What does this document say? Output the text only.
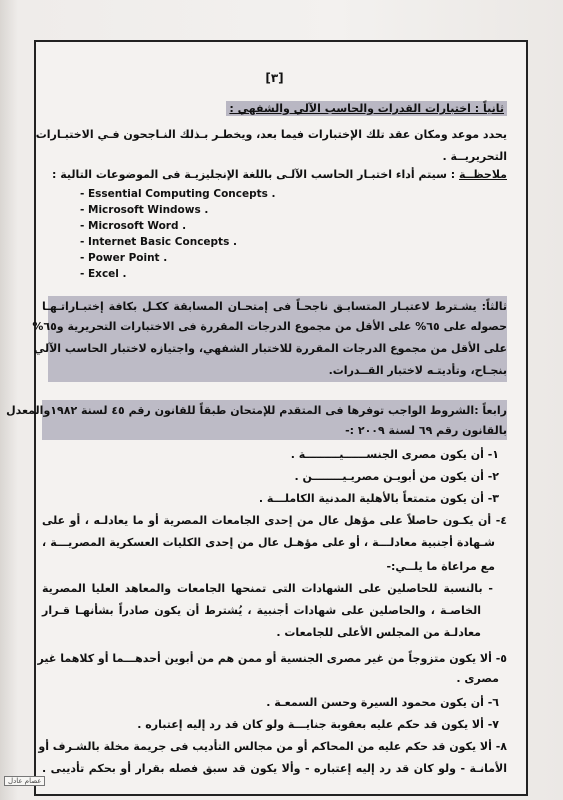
[٣]
ثانياً : اختبارات القدرات والحاسب الآلي والشفهي :
يحدد موعد ومكان عقد تلك الإختبارات فيما بعد، ويخطـر بـذلك النـاجحون فـي الاختبـارات
التحريريــة .
ملاحظــة : سيتم أداء اختبـار الحاسب الآلـى باللغة الإنجليزيـة فى الموضوعات التالية :
- Essential Computing Concepts .
- Microsoft Windows .
- Microsoft Word .
- Internet Basic Concepts .
- Power Point .
- Excel .
ثالثاً: يشـترط لاعتبـار المتسابـق ناجحـاً فى إمتحـان المسابقة ككـل بكافة إختبـاراتـهـا
حصوله على ٦٥% على الأقل من مجموع الدرجات المقررة فى الاختبارات التحريرية و٦٥%
على الأقل من مجموع الدرجات المقررة للاختبار الشفهي، واجتيازه لاختبار الحاسب الآلي
بنجـاح، وتأديتـه لاختبار القــدرات.
رابعاً :الشروط الواجب توفرها فى المتقدم للإمتحان طبقاً للقانون رقم ٤٥ لسنة ١٩٨٢والمعدل
بالقانون رقم ٦٩ لسنة ٢٠٠٩ :-
١- أن يكون مصرى الجنســــــيـــــــــة .
٢- أن يكون من أبويـن مصريـيــــــــن .
٣- أن يكون متمتعاً بالأهلية المدنية الكاملـــة .
٤- أن يكـون حاصلاً على مؤهل عال من إحدى الجامعات المصرية أو ما يعادلـه ، أو على
شـهادة أجنبية معادلـــة ، أو على مؤهـل عال من إحدى الكليات العسكرية المصريـــة ،
مع مراعاة ما يلــي:-
- بالنسبة للحاصلين على الشهادات التى تمنحها الجامعات والمعاهد العليا المصرية
الخاصـة ، والحاصلين على شهادات أجنبية ، يُشترط أن يكون صادراً بشأنهـا قـرار
معادلـة من المجلس الأعلى للجامعات .
٥- ألا يكون متزوجاً من غير مصرى الجنسية أو ممن هم من أبوين أحدهـــما أو كلاهما غير
مصرى .
٦- أن يكون محمود السيرة وحسن السمعـة .
٧- ألا يكون قد حكم عليه بعقوبة جنايـــة ولو كان قد رد إليه إعتباره .
٨- ألا يكون قد حكم عليه من المحاكم أو من مجالس التأديب فى جريمة مخلة بالشـرف أو
الأمانـة - ولو كان قد رد إليه إعتباره - وألا يكون قد سبق فصله بقرار أو بحكم تأديبى .
عصام عادل
